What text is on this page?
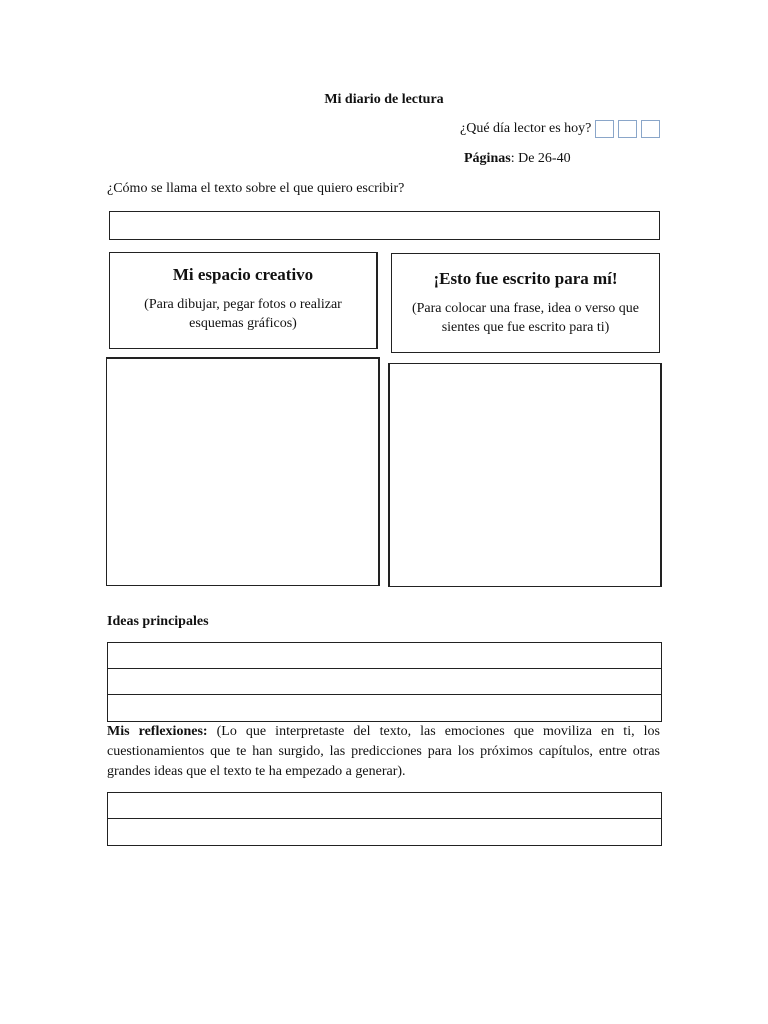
Mi diario de lectura
¿Qué día lector es hoy?
Páginas: De 26-40
¿Cómo se llama el texto sobre el que quiero escribir?
Mi espacio creativo
(Para dibujar, pegar fotos o realizar esquemas gráficos)
¡Esto fue escrito para mí!
(Para colocar una frase, idea o verso que sientes que fue escrito para ti)
Ideas principales
Mis reflexiones: (Lo que interpretaste del texto, las emociones que moviliza en ti, los cuestionamientos que te han surgido, las predicciones para los próximos capítulos, entre otras grandes ideas que el texto te ha empezado a generar).
